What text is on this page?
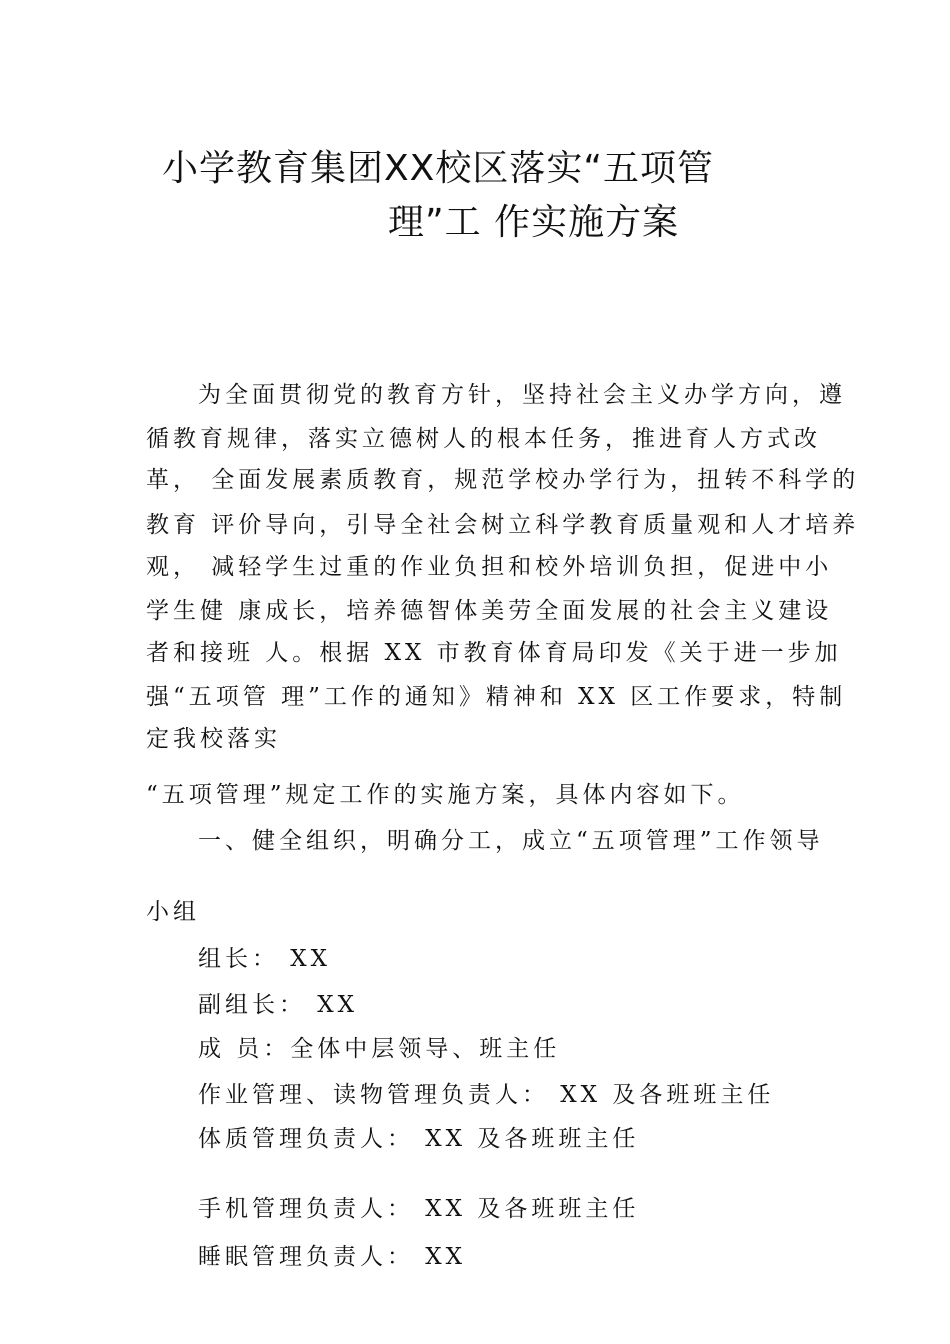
小学教育集团XX校区落实“五项管
理”工 作实施方案
为全面贯彻党的教育方针，坚持社会主义办学方向，遵
循教育规律，落实立德树人的根本任务，推进育人方式改
革， 全面发展素质教育，规范学校办学行为，扭转不科学的
教育 评价导向，引导全社会树立科学教育质量观和人才培养
观， 减轻学生过重的作业负担和校外培训负担，促进中小
学生健 康成长，培养德智体美劳全面发展的社会主义建设
者和接班 人。根据 XX 市教育体育局印发《关于进一步加
强“五项管 理”工作的通知》精神和 XX 区工作要求，特制
定我校落实
“五项管理”规定工作的实施方案，具体内容如下。
一、健全组织，明确分工，成立“五项管理”工作领导
小组
组长： XX
副组长： XX
成 员：全体中层领导、班主任
作业管理、读物管理负责人： XX 及各班班主任
体质管理负责人： XX 及各班班主任
手机管理负责人： XX 及各班班主任
睡眠管理负责人： XX
